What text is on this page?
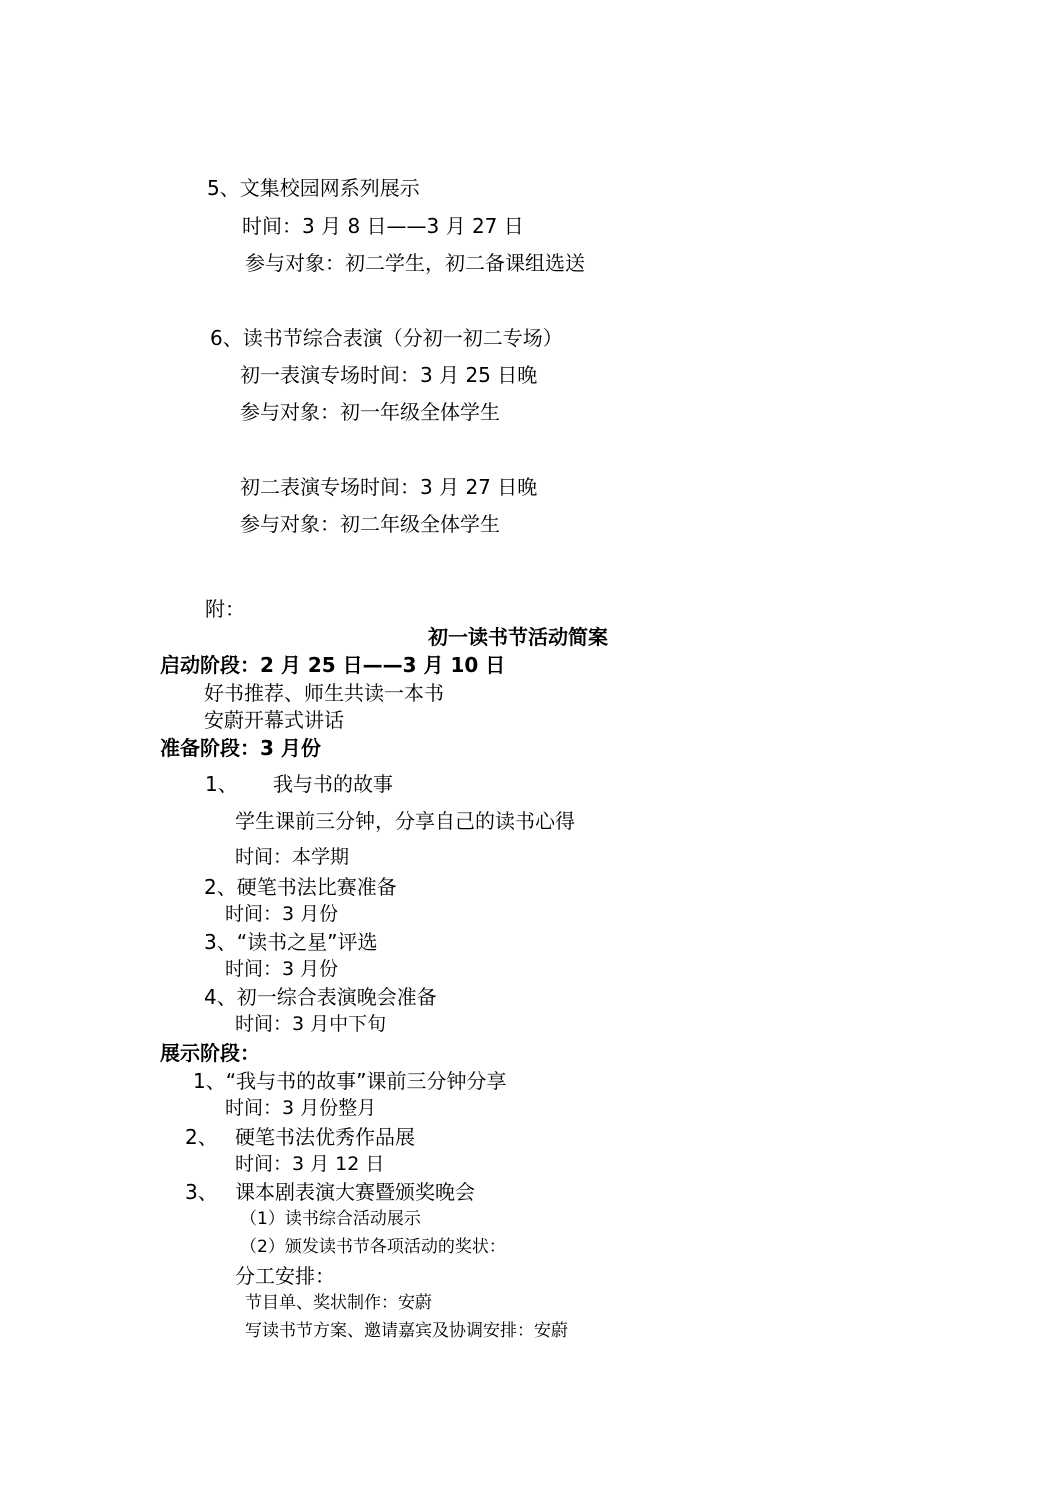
5、文集校园网系列展示
时间：3 月 8 日——3 月 27 日
参与对象：初二学生，初二备课组选送
6、读书节综合表演（分初一初二专场）
初一表演专场时间：3 月 25 日晚
参与对象：初一年级全体学生
初二表演专场时间：3 月 27 日晚
参与对象：初二年级全体学生
附：
初一读书节活动简案
启动阶段：2 月 25 日——3 月 10 日
好书推荐、师生共读一本书
安蔚开幕式讲话
准备阶段：3 月份
1、 我与书的故事
学生课前三分钟，分享自己的读书心得
时间：本学期
2、硬笔书法比赛准备
时间：3 月份
3、“读书之星”评选
时间：3 月份
4、初一综合表演晚会准备
时间：3 月中下旬
展示阶段：
1、“我与书的故事”课前三分钟分享
时间：3 月份整月
2、 硬笔书法优秀作品展
时间：3 月 12 日
3、 课本剧表演大赛暨颁奖晚会
（1）读书综合活动展示
（2）颁发读书节各项活动的奖状：
分工安排：
节目单、奖状制作：安蔚
写读书节方案、邀请嘉宾及协调安排：安蔚
